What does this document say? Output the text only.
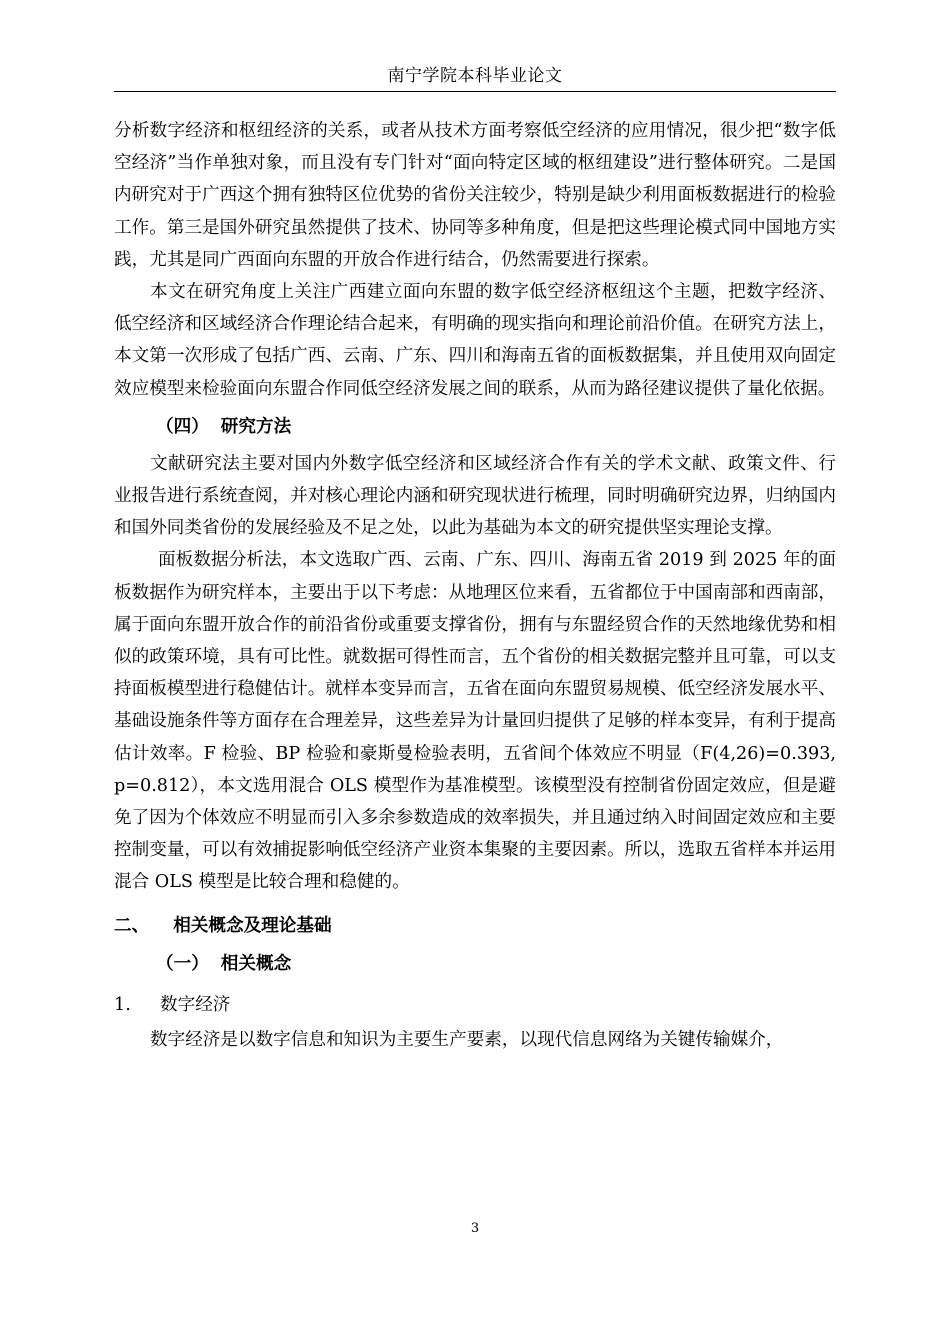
南宁学院本科毕业论文

分析数字经济和枢纽经济的关系，或者从技术方面考察低空经济的应用情况，很少把“数字低空经济”当作单独对象，而且没有专门针对“面向特定区域的枢纽建设”进行整体研究。二是国内研究对于广西这个拥有独特区位优势的省份关注较少，特别是缺少利用面板数据进行的检验工作。第三是国外研究虽然提供了技术、协同等多种角度，但是把这些理论模式同中国地方实践，尤其是同广西面向东盟的开放合作进行结合，仍然需要进行探索。

本文在研究角度上关注广西建立面向东盟的数字低空经济枢纽这个主题，把数字经济、低空经济和区域经济合作理论结合起来，有明确的现实指向和理论前沿价值。在研究方法上，本文第一次形成了包括广西、云南、广东、四川和海南五省的面板数据集，并且使用双向固定效应模型来检验面向东盟合作同低空经济发展之间的联系，从而为路径建议提供了量化依据。

（四） 研究方法

文献研究法主要对国内外数字低空经济和区域经济合作有关的学术文献、政策文件、行业报告进行系统查阅，并对核心理论内涵和研究现状进行梳理，同时明确研究边界，归纳国内和国外同类省份的发展经验及不足之处，以此为基础为本文的研究提供坚实理论支撑。

面板数据分析法，本文选取广西、云南、广东、四川、海南五省 2019 到 2025 年的面板数据作为研究样本，主要出于以下考虑：从地理区位来看，五省都位于中国南部和西南部，属于面向东盟开放合作的前沿省份或重要支撑省份，拥有与东盟经贸合作的天然地缘优势和相似的政策环境，具有可比性。就数据可得性而言，五个省份的相关数据完整并且可靠，可以支持面板模型进行稳健估计。就样本变异而言，五省在面向东盟贸易规模、低空经济发展水平、基础设施条件等方面存在合理差异，这些差异为计量回归提供了足够的样本变异，有利于提高估计效率。F 检验、BP 检验和豪斯曼检验表明，五省间个体效应不明显（F(4,26)=0.393, p=0.812），本文选用混合 OLS 模型作为基准模型。该模型没有控制省份固定效应，但是避免了因为个体效应不明显而引入多余参数造成的效率损失，并且通过纳入时间固定效应和主要控制变量，可以有效捕捉影响低空经济产业资本集聚的主要因素。所以，选取五省样本并运用混合 OLS 模型是比较合理和稳健的。

二、 相关概念及理论基础

（一） 相关概念

1. 数字经济

数字经济是以数字信息和知识为主要生产要素，以现代信息网络为关键传输媒介，

3
